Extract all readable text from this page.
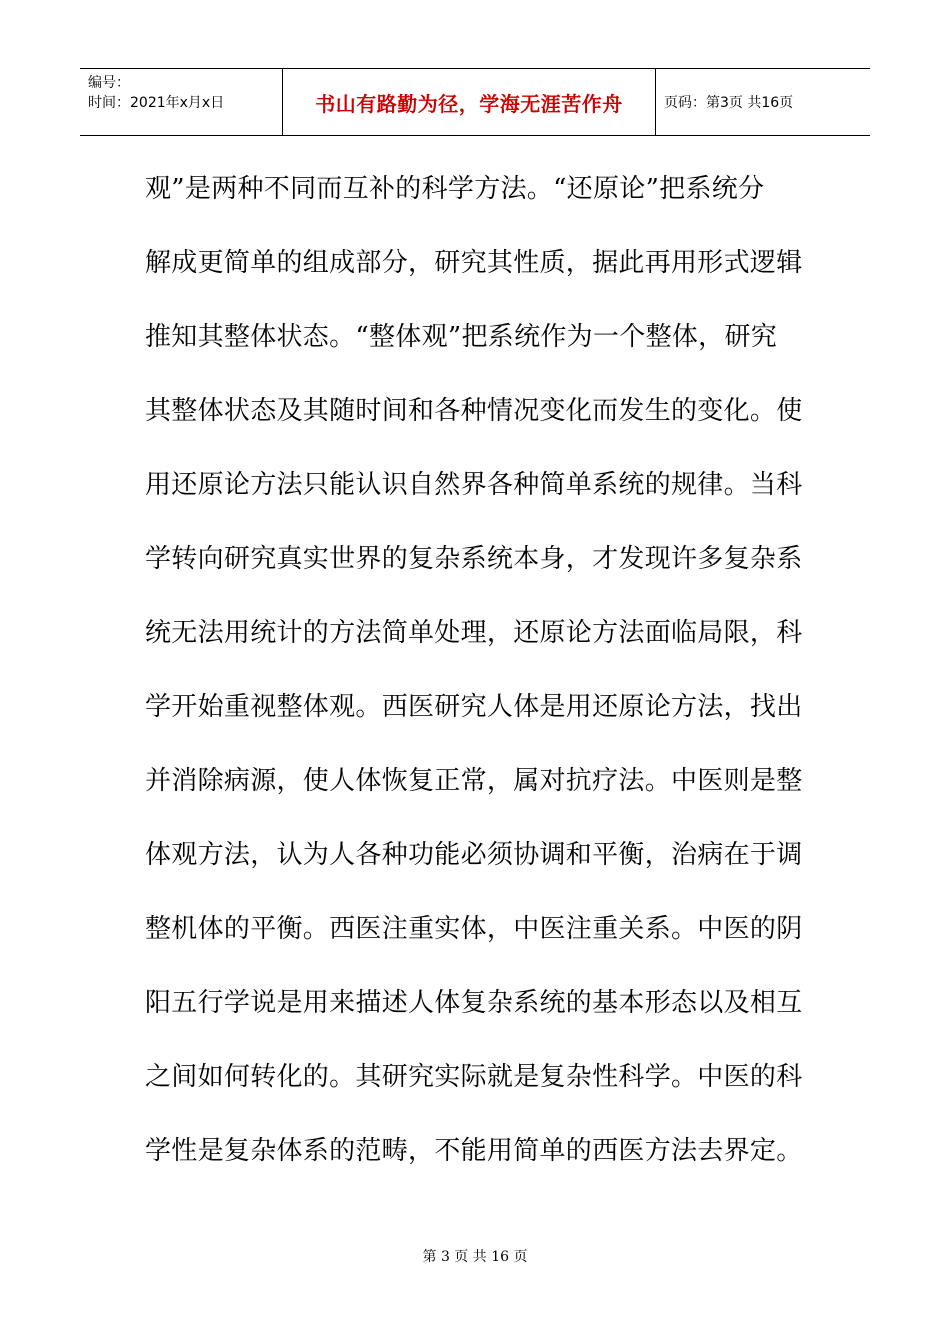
编号：
时间：2021年x月x日	书山有路勤为径，学海无涯苦作舟	页码：第3页 共16页
观”是两种不同而互补的科学方法。“还原论”把系统分
解成更简单的组成部分，研究其性质，据此再用形式逻辑
推知其整体状态。“整体观”把系统作为一个整体，研究
其整体状态及其随时间和各种情况变化而发生的变化。使
用还原论方法只能认识自然界各种简单系统的规律。当科
学转向研究真实世界的复杂系统本身，才发现许多复杂系
统无法用统计的方法简单处理，还原论方法面临局限，科
学开始重视整体观。西医研究人体是用还原论方法，找出
并消除病源，使人体恢复正常，属对抗疗法。中医则是整
体观方法，认为人各种功能必须协调和平衡，治病在于调
整机体的平衡。西医注重实体，中医注重关系。中医的阴
阳五行学说是用来描述人体复杂系统的基本形态以及相互
之间如何转化的。其研究实际就是复杂性科学。中医的科
学性是复杂体系的范畴，不能用简单的西医方法去界定。
第 3 页 共 16 页
